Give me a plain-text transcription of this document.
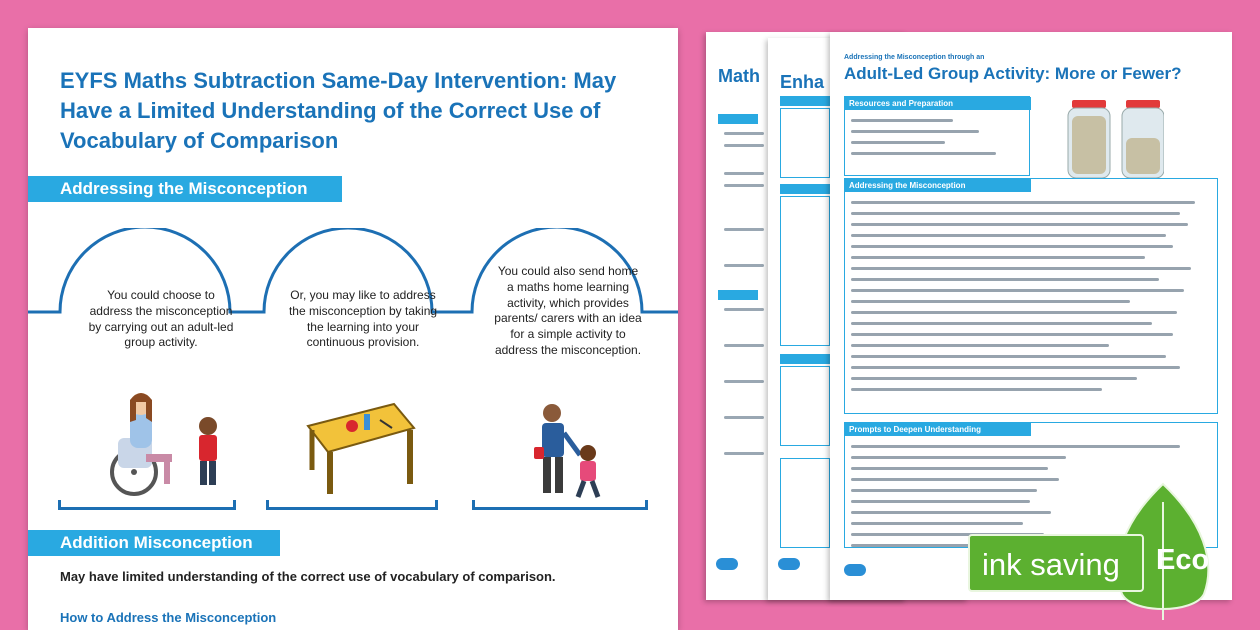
EYFS Maths Subtraction Same-Day Intervention: May Have a Limited Understanding of the Correct Use of Vocabulary of Comparison
Addressing the Misconception
You could choose to address the misconception by carrying out an adult-led group activity.
Or, you may like to address the misconception by taking the learning into your continuous provision.
You could also send home a maths home learning activity, which provides parents/ carers with an idea for a simple activity to address the misconception.
Addition Misconception
May have limited understanding of the correct use of vocabulary of comparison.
How to Address the Misconception
Math Enha
Addressing the Misconception through an
Adult-Led Group Activity: More or Fewer?
Resources and Preparation
Addressing the Misconception
Prompts to Deepen Understanding
ink saving	Eco
